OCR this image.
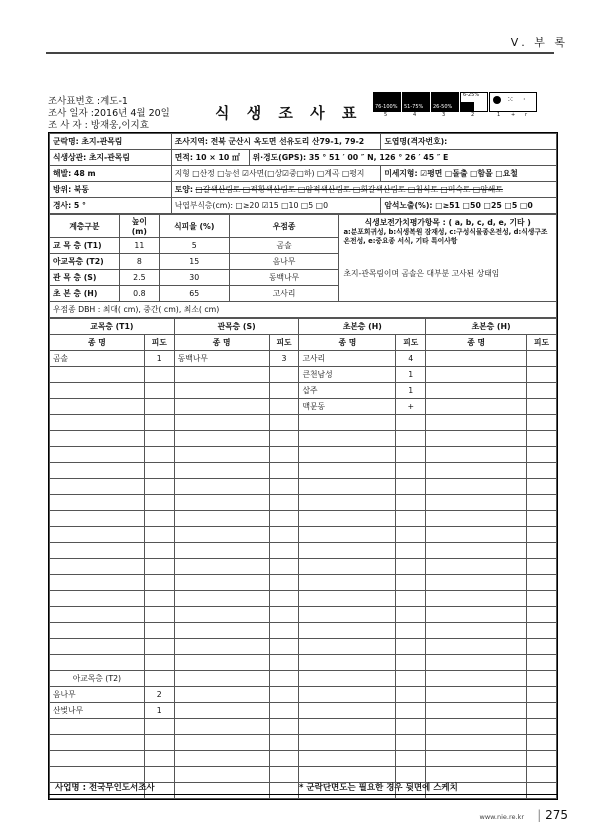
Ⅴ. 부 록
조사표번호 :계도-1
조사 일자 :2016년 4월 20일
조 사 자 : 방재웅,이지효
식 생 조 사 표	76-100% 51-75% 26-50%
6-25%	⁙ ·
5	4	3	2	1 + r
군락명: 초지-관목림	조사지역: 전북 군산시 옥도면 선유도리 산79-1, 79-2		도엽명(격자번호):
식생상관: 초지-관목림	면적: 10 × 10 ㎡	위·경도(GPS): 35 ° 51 ′ 00 ″ N, 126 ° 26 ′ 45 ″ E	
해발: 48 m	지형 □산정 □능선 ☑사면(□상☑중□하) □계곡 □평지		미세지형: ☑평면 □돌출 □함몰 □요철
방위: 북동	토양: □갈색산림토 □적황색산림토 □암적색산림토 □회갈색산림토 □침식토 □미숙토 □암쇄토		
경사: 5 °	낙엽부식층(cm): □≥20 ☑15 □10 □5 □0		암석노출(%): □≥51 □50 □25 □5 □0
계층구분	높이 (m)	식피율 (%)	우점종	식생보전가치평가항목 : ( a, b, c, d, e, 기타 )
a:분포희귀성, b:식생복원 잠재성, c:구성식물종온전성, d:식생구조온전성, e:중요종 서식, 기타 특이사항
초지-관목림이며 곰솔은 대부분 고사된 상태임

교 목 층 (T1)	11	5	곰솔	
아교목층 (T2)	8	15	음나무	
관 목 층 (S)	2.5	30	동백나무	
초 본 층 (H)	0.8	65	고사리	
우점종 DBH : 최대( cm), 중간( cm), 최소( cm)				
교목층 (T1)		관목층 (S)		초본층 (H)		초본층 (H)	
종 명	피도	종 명	피도	종 명	피도	종 명	피도
곰솔	1	동백나무	3	고사리	4		
				큰천남성	1		
				삽주	1		
				맥문동	+		

아교목층 (T2)							
음나무	2						
산벚나무	1						

사업명 : 전국무인도서조사	* 군락단면도는 필요한 경우 뒷면에 스케치
www.nie.re.kr | 275
